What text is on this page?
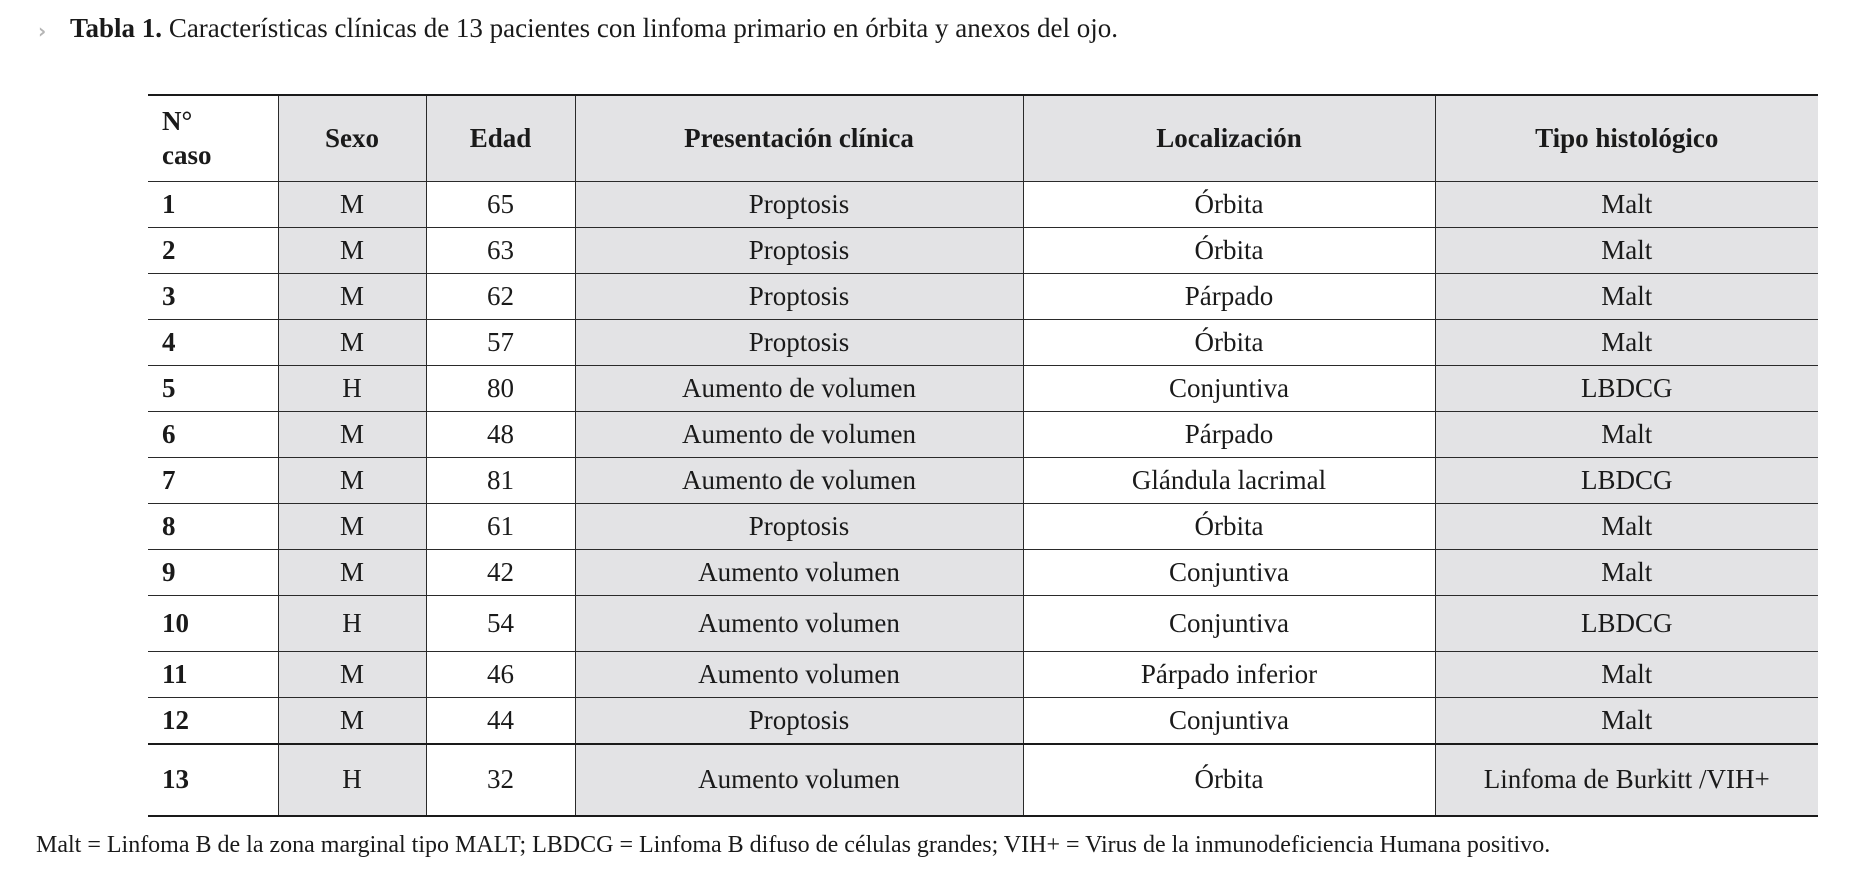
› Tabla 1. Características clínicas de 13 pacientes con linfoma primario en órbita y anexos del ojo.
N°
caso	Sexo	Edad	Presentación clínica	Localización	Tipo histológico
1	M	65	Proptosis	Órbita	Malt
2	M	63	Proptosis	Órbita	Malt
3	M	62	Proptosis	Párpado	Malt
4	M	57	Proptosis	Órbita	Malt
5	H	80	Aumento de volumen	Conjuntiva	LBDCG
6	M	48	Aumento de volumen	Párpado	Malt
7	M	81	Aumento de volumen	Glándula lacrimal	LBDCG
8	M	61	Proptosis	Órbita	Malt
9	M	42	Aumento volumen	Conjuntiva	Malt
10	H	54	Aumento volumen	Conjuntiva	LBDCG
11	M	46	Aumento volumen	Párpado inferior	Malt
12	M	44	Proptosis	Conjuntiva	Malt
13	H	32	Aumento volumen	Órbita	Linfoma de Burkitt /VIH+
Malt = Linfoma B de la zona marginal tipo MALT; LBDCG = Linfoma B difuso de células grandes; VIH+ = Virus de la inmunodeficiencia Humana positivo.
